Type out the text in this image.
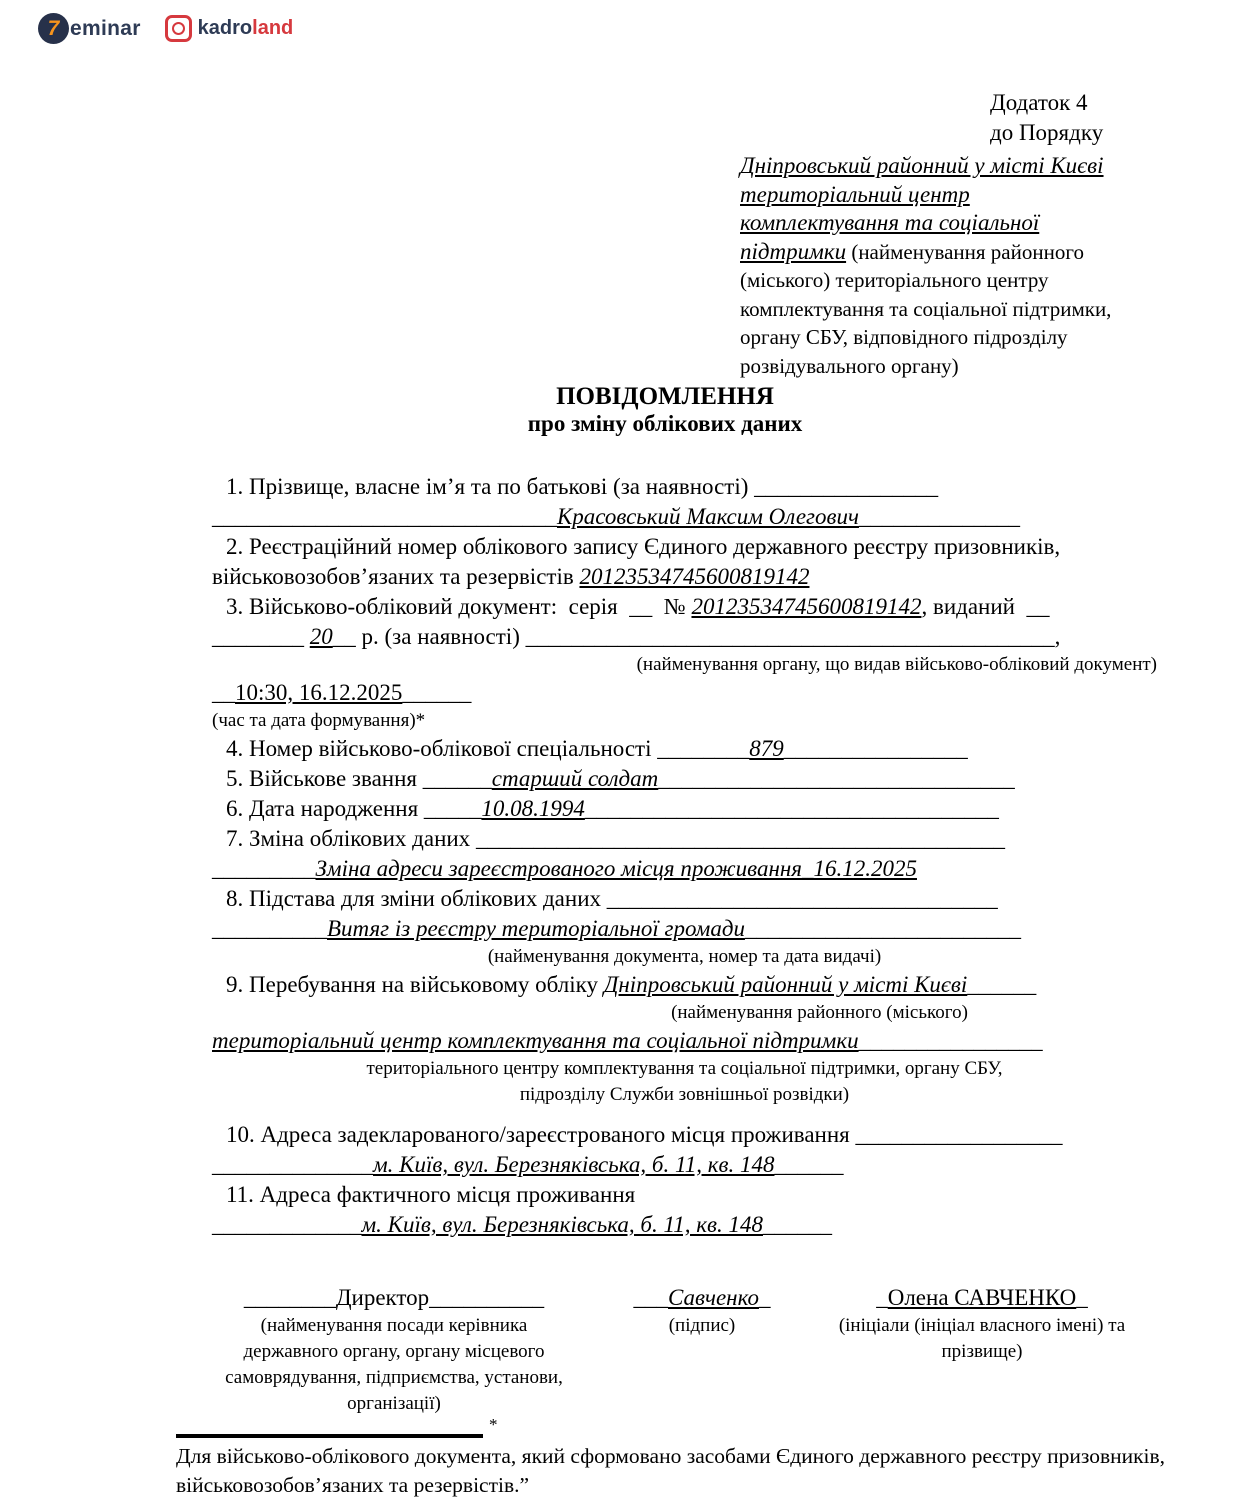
7 eminar	kadroland
Додаток 4
до Порядку
Дніпровський районний у місті Києві
територіальний центр
комплектування та соціальної
підтримки (найменування районного (міського) територіального центру комплектування та соціальної підтримки, органу СБУ, відповідного підрозділу розвідувального органу)
ПОВІДОМЛЕННЯ
про зміну облікових даних
1. Прізвище, власне ім’я та по батькові (за наявності) ________________
______________________________Красовський Максим Олегович______________
2. Реєстраційний номер облікового запису Єдиного державного реєстру призовників, військовозобов’язаних та резервістів 20123534745600819142
3. Військово-обліковий документ:  серія  __  № 20123534745600819142, виданий  __
________ 20__ р. (за наявності) ______________________________________________,
(найменування органу, що видав військово-обліковий документ)
__10:30, 16.12.2025______
(час та дата формування)*
4. Номер військово-облікової спеціальності ________879________________
5. Військове звання ______старший солдат_______________________________
6. Дата народження _____10.08.1994____________________________________
7. Зміна облікових даних ______________________________________________
_________Зміна адреси зареєстрованого місця проживання_16.12.2025
8. Підстава для зміни облікових даних __________________________________
__________Витяг із реєстру територіальної громади________________________
(найменування документа, номер та дата видачі)
9. Перебування на військовому обліку Дніпровський районний у місті Києві______
(найменування районного (міського)
територіальний центр комплектування та соціальної підтримки________________
територіального центру комплектування та соціальної підтримки, органу СБУ,
підрозділу Служби зовнішньої розвідки)
10. Адреса задекларованого/зареєстрованого місця проживання __________________
______________м. Київ, вул. Березняківська, б. 11, кв. 148______
11. Адреса фактичного місця проживання
_____________м. Київ, вул. Березняківська, б. 11, кв. 148______
________Директор__________
(найменування посади керівника державного органу, органу місцевого самоврядування, підприємства, установи, організації)
___Савченко_
(підпис)
_Олена САВЧЕНКО_
(ініціали (ініціал власного імені) та прізвище)
*
Для військово-облікового документа, який сформовано засобами Єдиного державного реєстру призовників, військовозобов’язаних та резервістів.”
